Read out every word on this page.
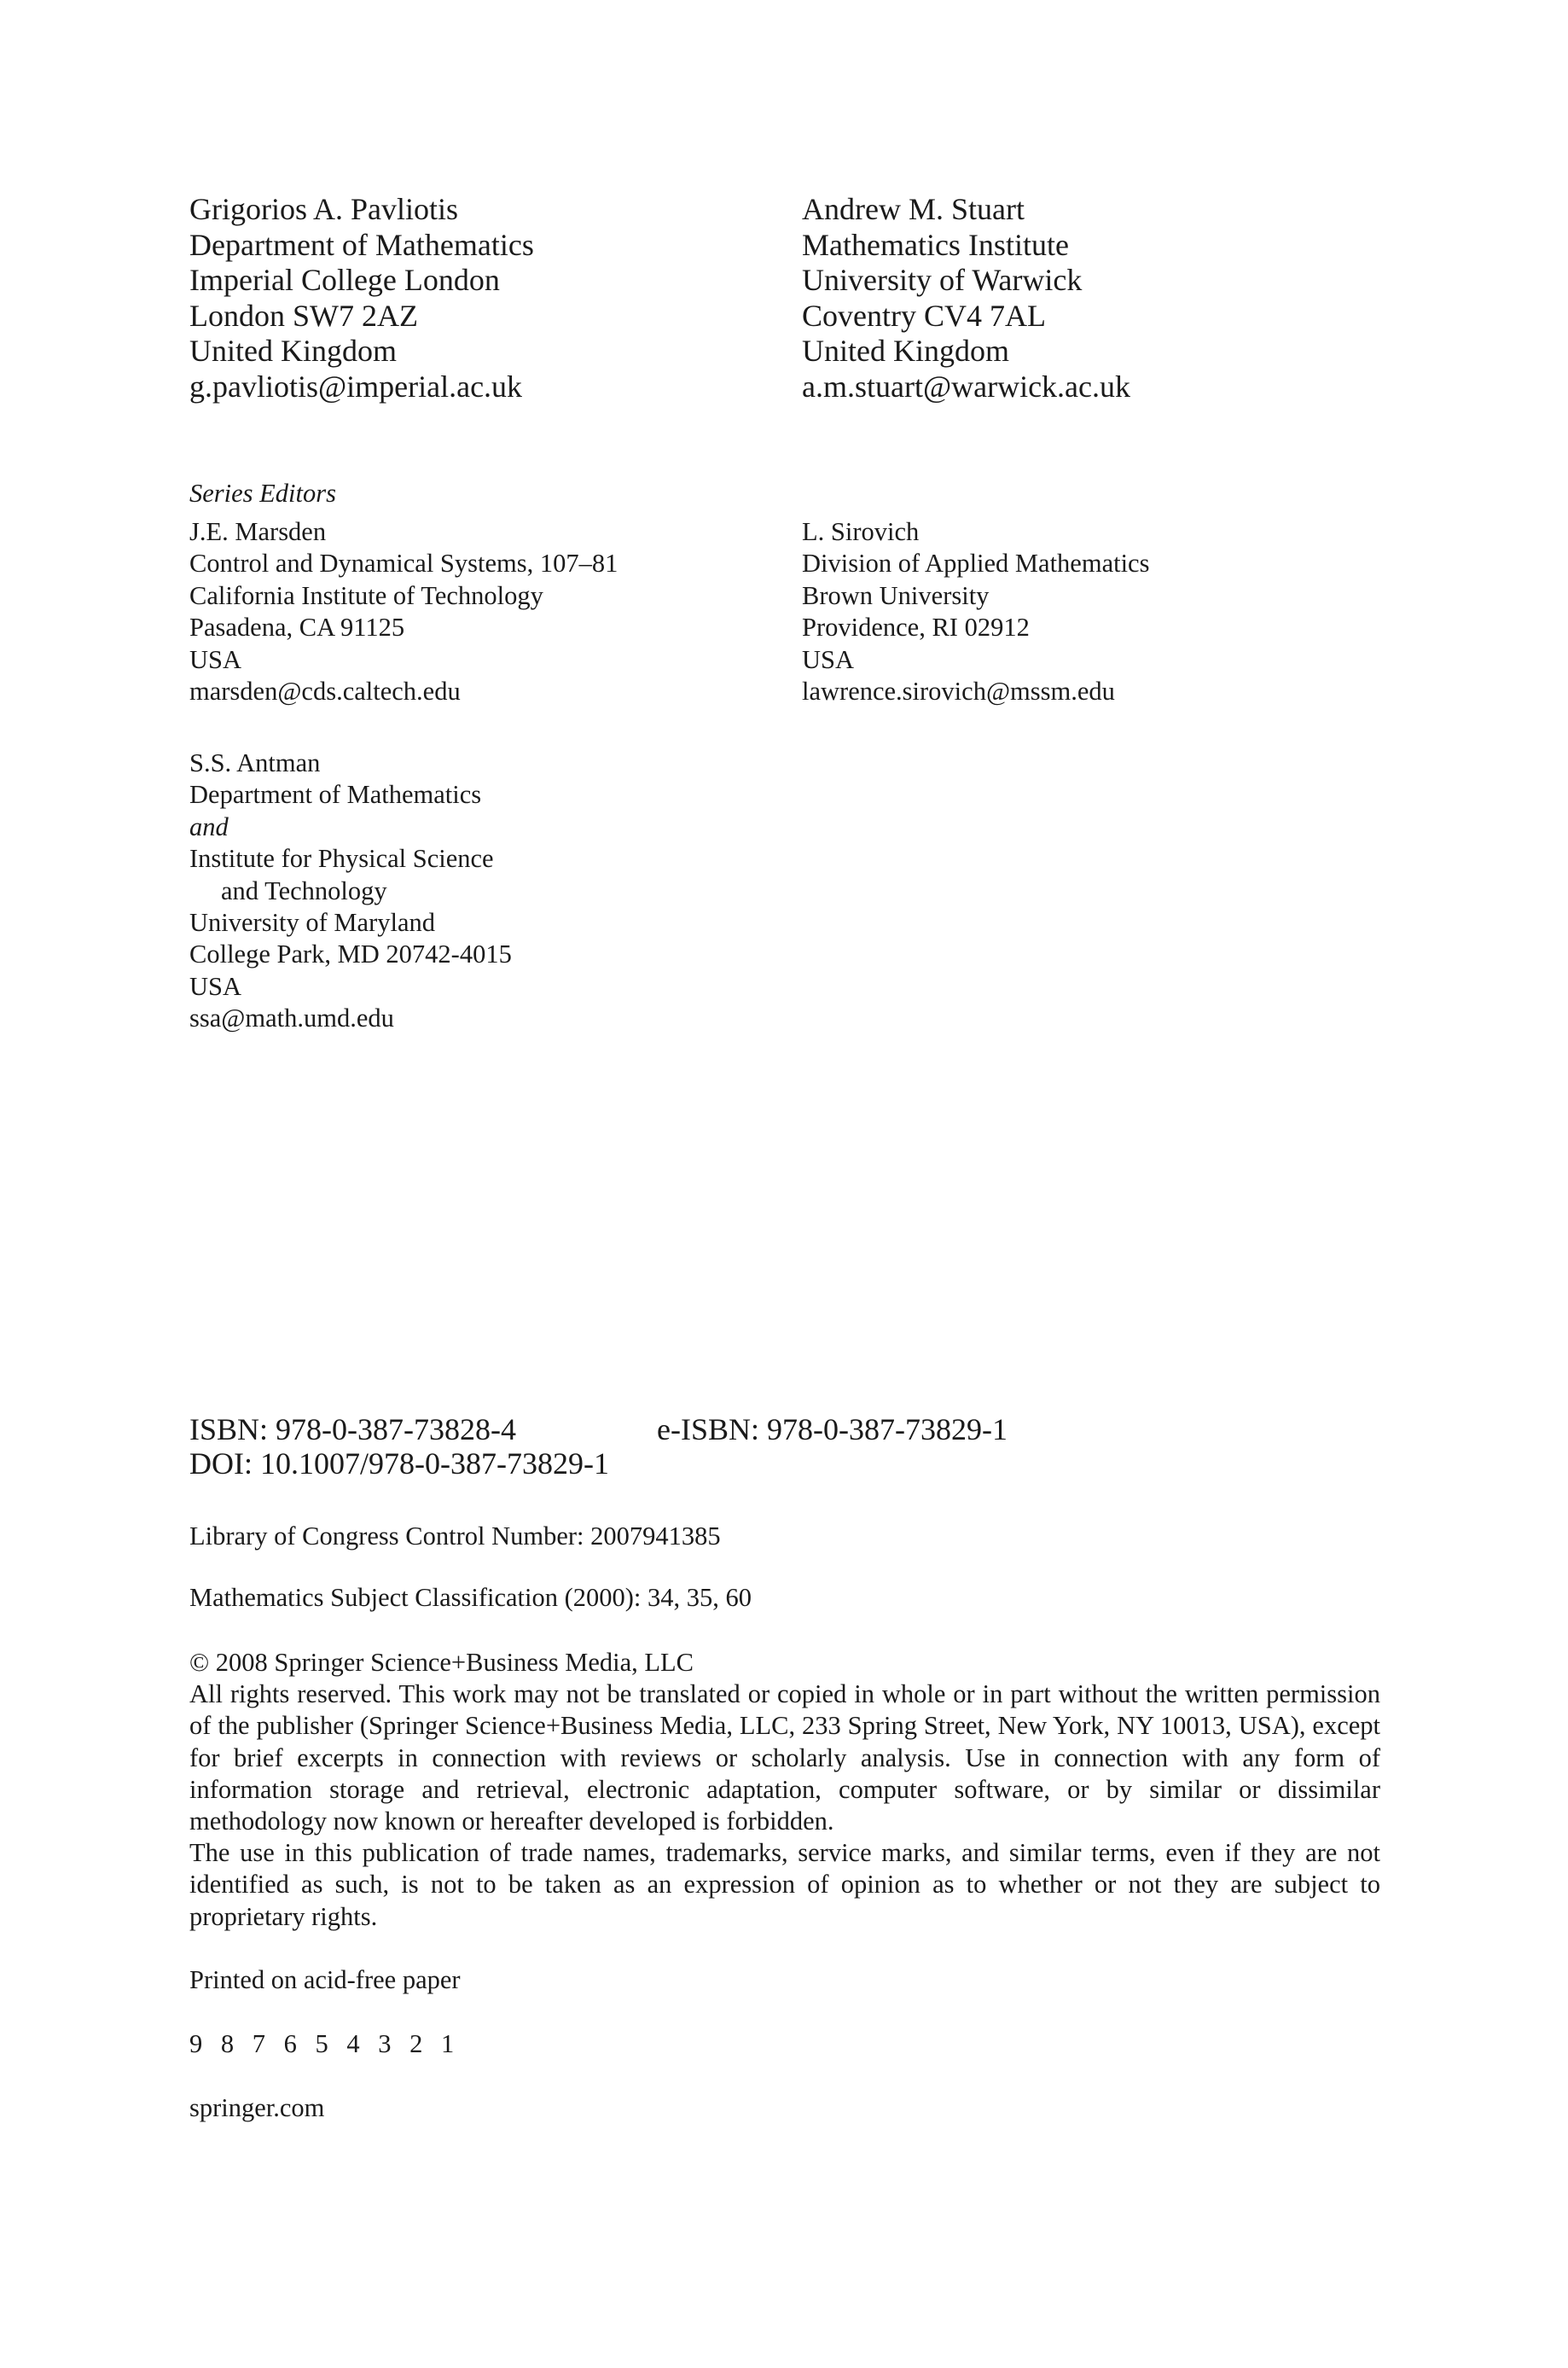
Grigorios A. Pavliotis
Department of Mathematics
Imperial College London
London SW7 2AZ
United Kingdom
g.pavliotis@imperial.ac.uk
Andrew M. Stuart
Mathematics Institute
University of Warwick
Coventry CV4 7AL
United Kingdom
a.m.stuart@warwick.ac.uk
Series Editors
J.E. Marsden
Control and Dynamical Systems, 107–81
California Institute of Technology
Pasadena, CA 91125
USA
marsden@cds.caltech.edu
L. Sirovich
Division of Applied Mathematics
Brown University
Providence, RI 02912
USA
lawrence.sirovich@mssm.edu
S.S. Antman
Department of Mathematics
and
Institute for Physical Science
and Technology
University of Maryland
College Park, MD 20742-4015
USA
ssa@math.umd.edu
ISBN: 978-0-387-73828-4
DOI: 10.1007/978-0-387-73829-1
e-ISBN: 978-0-387-73829-1
Library of Congress Control Number: 2007941385
Mathematics Subject Classification (2000): 34, 35, 60

© 2008 Springer Science+Business Media, LLC

All rights reserved. This work may not be translated or copied in whole or in part without the written permission of the publisher (Springer Science+Business Media, LLC, 233 Spring Street, New York, NY 10013, USA), except for brief excerpts in connection with reviews or scholarly analysis. Use in connection with any form of information storage and retrieval, electronic adaptation, computer software, or by similar or dissimilar methodology now known or hereafter developed is forbidden.

The use in this publication of trade names, trademarks, service marks, and similar terms, even if they are not identified as such, is not to be taken as an expression of opinion as to whether or not they are subject to proprietary rights.

Printed on acid-free paper
9 8 7 6 5 4 3 2 1
springer.com
